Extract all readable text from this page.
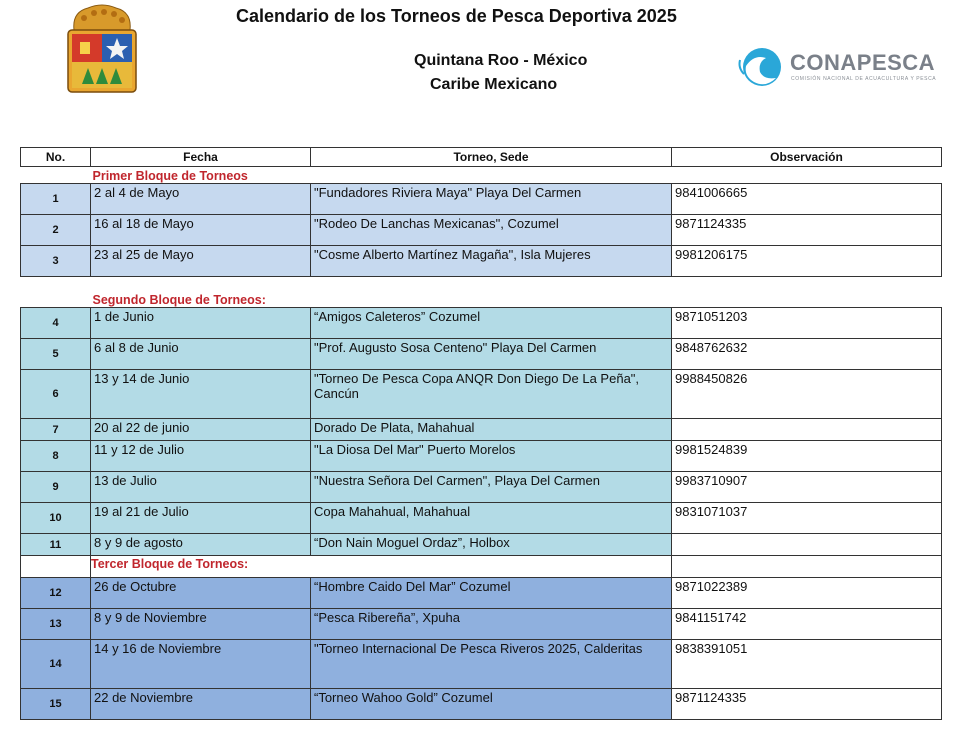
Calendario de los Torneos de Pesca Deportiva 2025
Quintana Roo - México
Caribe Mexicano
CONAPESCA
COMISIÓN NACIONAL DE ACUACULTURA Y PESCA
No.	Fecha	Torneo, Sede	Observación
Primer Bloque de Torneos			
1	2 al 4 de Mayo	"Fundadores Riviera Maya" Playa Del Carmen	9841006665
2	16 al 18 de Mayo	"Rodeo De Lanchas Mexicanas", Cozumel	9871124335
3	23 al 25 de Mayo	"Cosme Alberto Martínez Magaña", Isla Mujeres	9981206175

Segundo Bloque de Torneos:			
4	1 de Junio	“Amigos Caleteros” Cozumel	9871051203
5	6 al 8 de Junio	"Prof. Augusto Sosa Centeno" Playa Del Carmen	9848762632
6	13 y 14 de Junio	"Torneo De Pesca Copa ANQR Don Diego De La Peña", Cancún	9988450826
7	20 al 22 de junio	Dorado De Plata, Mahahual	
8	11 y 12 de Julio	"La Diosa Del Mar" Puerto Morelos	9981524839
9	13 de Julio	"Nuestra Señora Del Carmen", Playa Del Carmen	9983710907
10	19 al 21 de Julio	Copa Mahahual, Mahahual	9831071037
11	8 y 9 de agosto	“Don Nain Moguel Ordaz”, Holbox	
	Tercer Bloque de Torneos:		
12	26 de Octubre	“Hombre Caido Del Mar” Cozumel	9871022389
13	8 y 9 de Noviembre	“Pesca Ribereña”, Xpuha	9841151742
14	14 y 16 de Noviembre	"Torneo Internacional De Pesca Riveros 2025, Calderitas	9838391051
15	22 de Noviembre	“Torneo Wahoo Gold” Cozumel	9871124335
